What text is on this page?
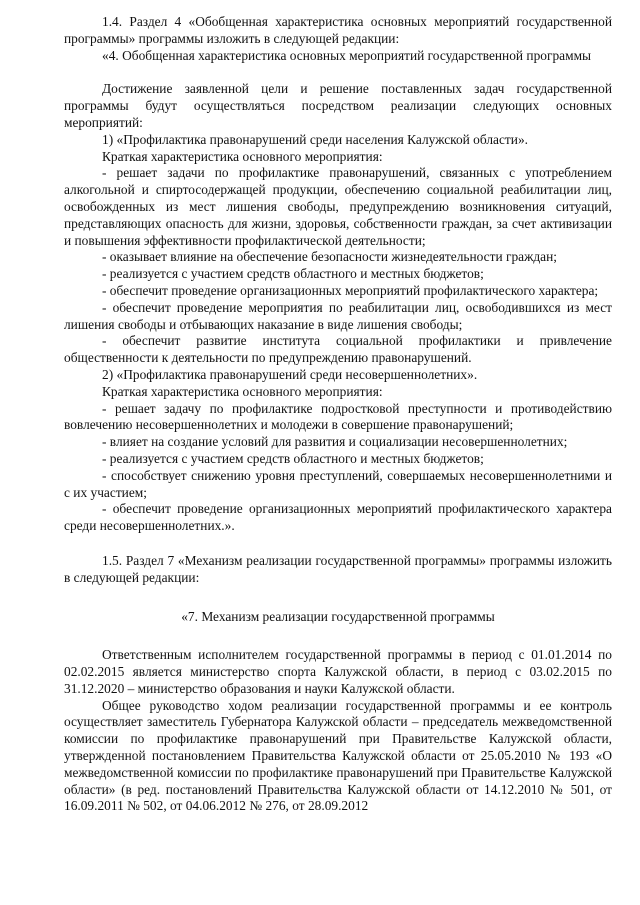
1.4. Раздел 4 «Обобщенная характеристика основных мероприятий государственной программы» программы изложить в следующей редакции:

«4. Обобщенная характеристика основных мероприятий государственной программы

Достижение заявленной цели и решение поставленных задач государственной программы будут осуществляться посредством реализации следующих основных мероприятий:

1) «Профилактика правонарушений среди населения Калужской области».

Краткая характеристика основного мероприятия:

- решает задачи по профилактике правонарушений, связанных с употреблением алкогольной и спиртосодержащей продукции, обеспечению социальной реабилитации лиц, освобожденных из мест лишения свободы, предупреждению возникновения ситуаций, представляющих опасность для жизни, здоровья, собственности граждан, за счет активизации и повышения эффективности профилактической деятельности;

- оказывает влияние на обеспечение безопасности жизнедеятельности граждан;

- реализуется с участием средств областного и местных бюджетов;

- обеспечит проведение организационных мероприятий профилактического характера;

- обеспечит проведение мероприятия по реабилитации лиц, освободившихся из мест лишения свободы и отбывающих наказание в виде лишения свободы;

- обеспечит развитие института социальной профилактики и привлечение общественности к деятельности по предупреждению правонарушений.

2) «Профилактика правонарушений среди несовершеннолетних».

Краткая характеристика основного мероприятия:

- решает задачу по профилактике подростковой преступности и противодействию вовлечению несовершеннолетних и молодежи в совершение правонарушений;

- влияет на создание условий для развития и социализации несовершеннолетних;

- реализуется с участием средств областного и местных бюджетов;

- способствует снижению уровня преступлений, совершаемых несовершеннолетними и с их участием;

- обеспечит проведение организационных мероприятий профилактического характера среди несовершеннолетних.».

1.5. Раздел 7 «Механизм реализации государственной программы» программы изложить в следующей редакции:

«7. Механизм реализации государственной программы

Ответственным исполнителем государственной программы в период с 01.01.2014 по 02.02.2015 является министерство спорта Калужской области, в период с 03.02.2015 по 31.12.2020 – министерство образования и науки Калужской области.

Общее руководство ходом реализации государственной программы и ее контроль осуществляет заместитель Губернатора Калужской области – председатель межведомственной комиссии по профилактике правонарушений при Правительстве Калужской области, утвержденной постановлением Правительства Калужской области от 25.05.2010 № 193 «О межведомственной комиссии по профилактике правонарушений при Правительстве Калужской области» (в ред. постановлений Правительства Калужской области от 14.12.2010 № 501, от 16.09.2011 № 502, от 04.06.2012 № 276, от 28.09.2012
